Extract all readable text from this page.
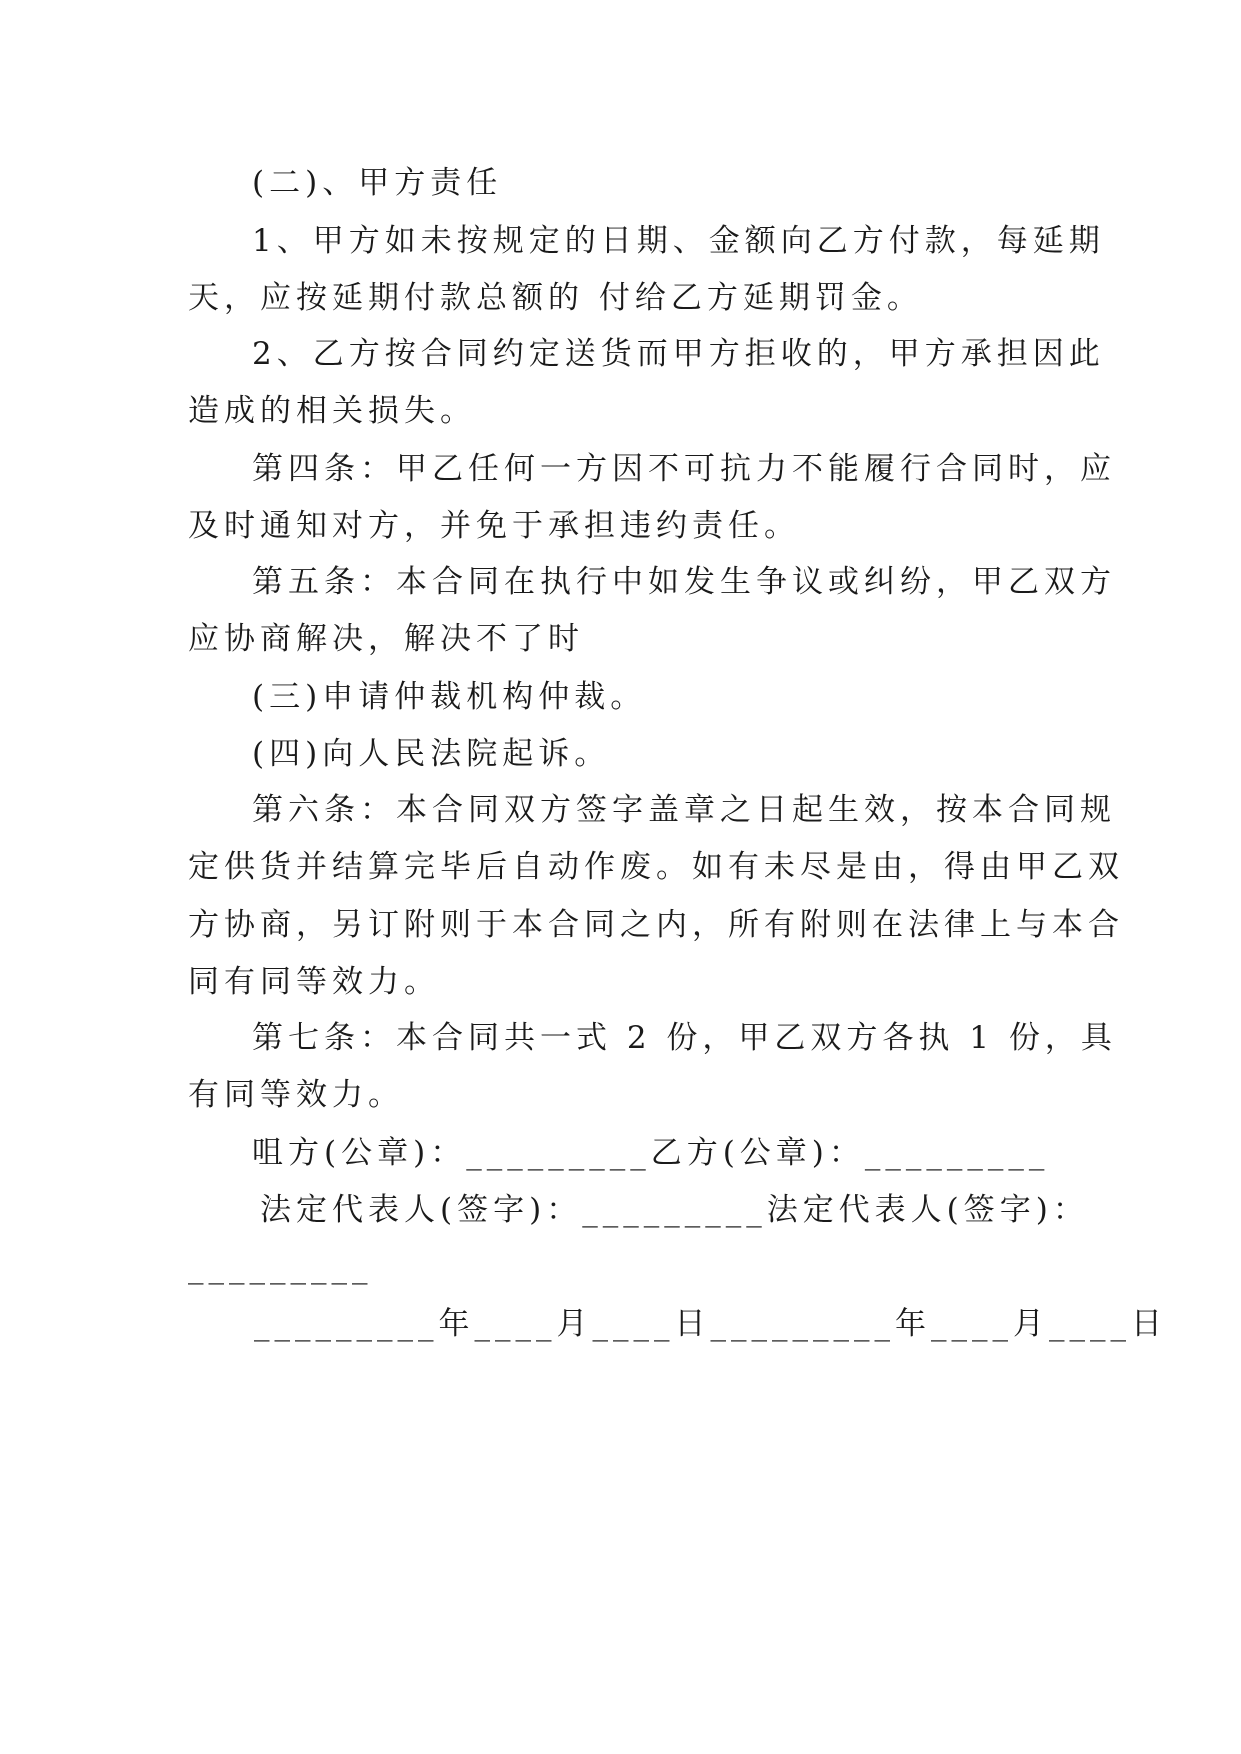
(二)、甲方责任
1、甲方如未按规定的日期、金额向乙方付款，每延期
天，应按延期付款总额的 付给乙方延期罚金。
2、乙方按合同约定送货而甲方拒收的，甲方承担因此
造成的相关损失。
第四条：甲乙任何一方因不可抗力不能履行合同时，应
及时通知对方，并免于承担违约责任。
第五条：本合同在执行中如发生争议或纠纷，甲乙双方
应协商解决，解决不了时
(三)申请仲裁机构仲裁。
(四)向人民法院起诉。
第六条：本合同双方签字盖章之日起生效，按本合同规
定供货并结算完毕后自动作废。如有未尽是由，得由甲乙双
方协商，另订附则于本合同之内，所有附则在法律上与本合
同有同等效力。
第七条：本合同共一式 2 份，甲乙双方各执 1 份，具
有同等效力。
咀方(公章)：_________乙方(公章)：_________
法定代表人(签字)：_________法定代表人(签字)：
_________
_________年____月____日_________年____月____日
